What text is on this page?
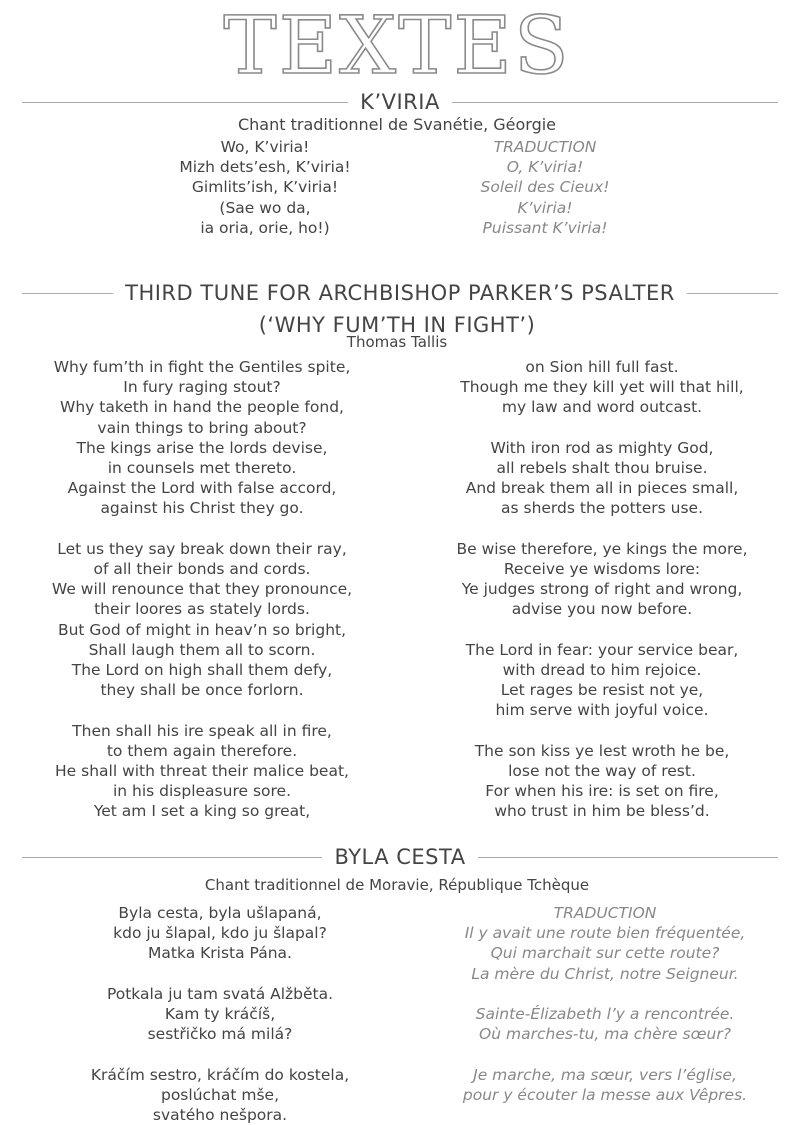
TEXTES
K’VIRIA
Chant traditionnel de Svanétie, Géorgie
Wo, K’viria!
Mizh dets’esh, K’viria!
Gimlits’ish, K’viria!
(Sae wo da,
ia oria, orie, ho!)
TRADUCTION
O, K’viria!
Soleil des Cieux!
K’viria!
Puissant K’viria!
THIRD TUNE FOR ARCHBISHOP PARKER’S PSALTER
(‘WHY FUM’TH IN FIGHT’)
Thomas Tallis
Why fum’th in fight the Gentiles spite,
In fury raging stout?
Why taketh in hand the people fond,
vain things to bring about?
The kings arise the lords devise,
in counsels met thereto.
Against the Lord with false accord,
against his Christ they go.
Let us they say break down their ray,
of all their bonds and cords.
We will renounce that they pronounce,
their loores as stately lords.
But God of might in heav’n so bright,
Shall laugh them all to scorn.
The Lord on high shall them defy,
they shall be once forlorn.
Then shall his ire speak all in fire,
to them again therefore.
He shall with threat their malice beat,
in his displeasure sore.
Yet am I set a king so great,
on Sion hill full fast.
Though me they kill yet will that hill,
my law and word outcast.
With iron rod as mighty God,
all rebels shalt thou bruise.
And break them all in pieces small,
as sherds the potters use.
Be wise therefore, ye kings the more,
Receive ye wisdoms lore:
Ye judges strong of right and wrong,
advise you now before.
The Lord in fear: your service bear,
with dread to him rejoice.
Let rages be resist not ye,
him serve with joyful voice.
The son kiss ye lest wroth he be,
lose not the way of rest.
For when his ire: is set on fire,
who trust in him be bless’d.
BYLA CESTA
Chant traditionnel de Moravie, République Tchèque
Byla cesta, byla ušlapaná,
kdo ju šlapal, kdo ju šlapal?
Matka Krista Pána.
Potkala ju tam svatá Alžběta.
Kam ty kráčíš,
sestřičko má milá?
Kráčím sestro, kráčím do kostela,
poslúchat mše,
svatého nešpora.
TRADUCTION
Il y avait une route bien fréquentée,
Qui marchait sur cette route?
La mère du Christ, notre Seigneur.
Sainte-Élizabeth l’y a rencontrée.
Où marches-tu, ma chère sœur?
Je marche, ma sœur, vers l’église,
pour y écouter la messe aux Vêpres.
